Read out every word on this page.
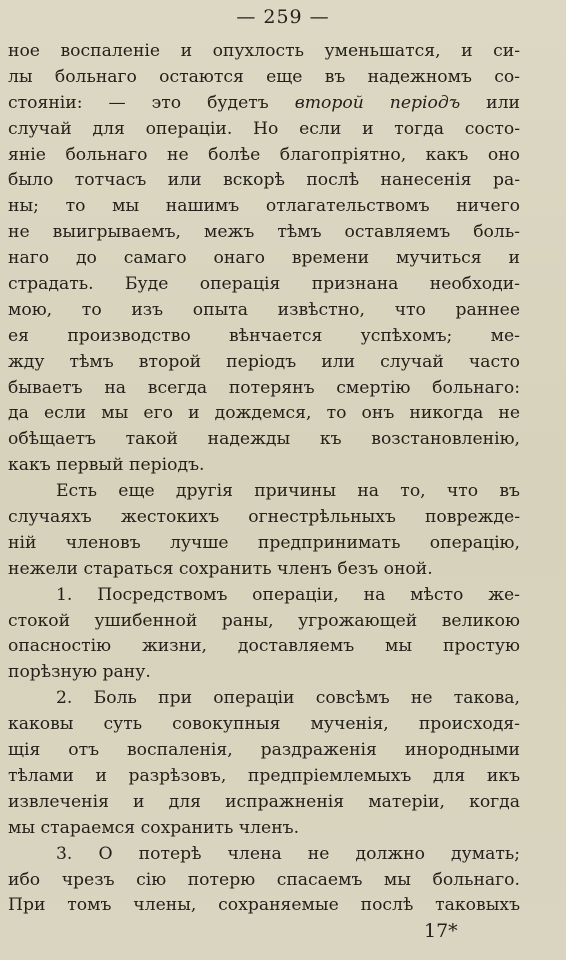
— 259 —
ное воспаленіе и опухлость уменьшатся, и си-
лы больнаго остаются еще въ надежномъ со-
стояніи: — это будетъ второй періодъ или
случай для операціи. Но если и тогда состо-
яніе больнаго не болѣе благопріятно, какъ оно
было тотчасъ или вскорѣ послѣ нанесенія ра-
ны; то мы нашимъ отлагательствомъ ничего
не выигрываемъ, межъ тѣмъ оставляемъ боль-
наго до самаго онаго времени мучиться и
страдать. Буде операція признана необходи-
мою, то изъ опыта извѣстно, что раннее
ея производство вѣнчается успѣхомъ; ме-
жду тѣмъ второй періодъ или случай часто
бываетъ на всегда потерянъ смертію больнаго:
да если мы его и дождемся, то онъ никогда не
обѣщаетъ такой надежды къ возстановленію,
какъ первый періодъ.
Есть еще другія причины на то, что въ
случаяхъ жестокихъ огнестрѣльныхъ поврежде-
ній членовъ лучше предпринимать операцію,
нежели стараться сохранить членъ безъ оной.
1. Посредствомъ операціи, на мѣсто же-
стокой ушибенной раны, угрожающей великою
опасностію жизни, доставляемъ мы простую
порѣзную рану.
2. Боль при операціи совсѣмъ не такова,
каковы суть совокупныя мученія, происходя-
щія отъ воспаленія, раздраженія инородными
тѣлами и разрѣзовъ, предпріемлемыхъ для икъ
извлеченія и для испражненія матеріи, когда
мы стараемся сохранить членъ.
3. О потерѣ члена не должно думать;
ибо чрезъ сію потерю спасаемъ мы больнаго.
При томъ члены, сохраняемые послѣ таковыхъ
17*
